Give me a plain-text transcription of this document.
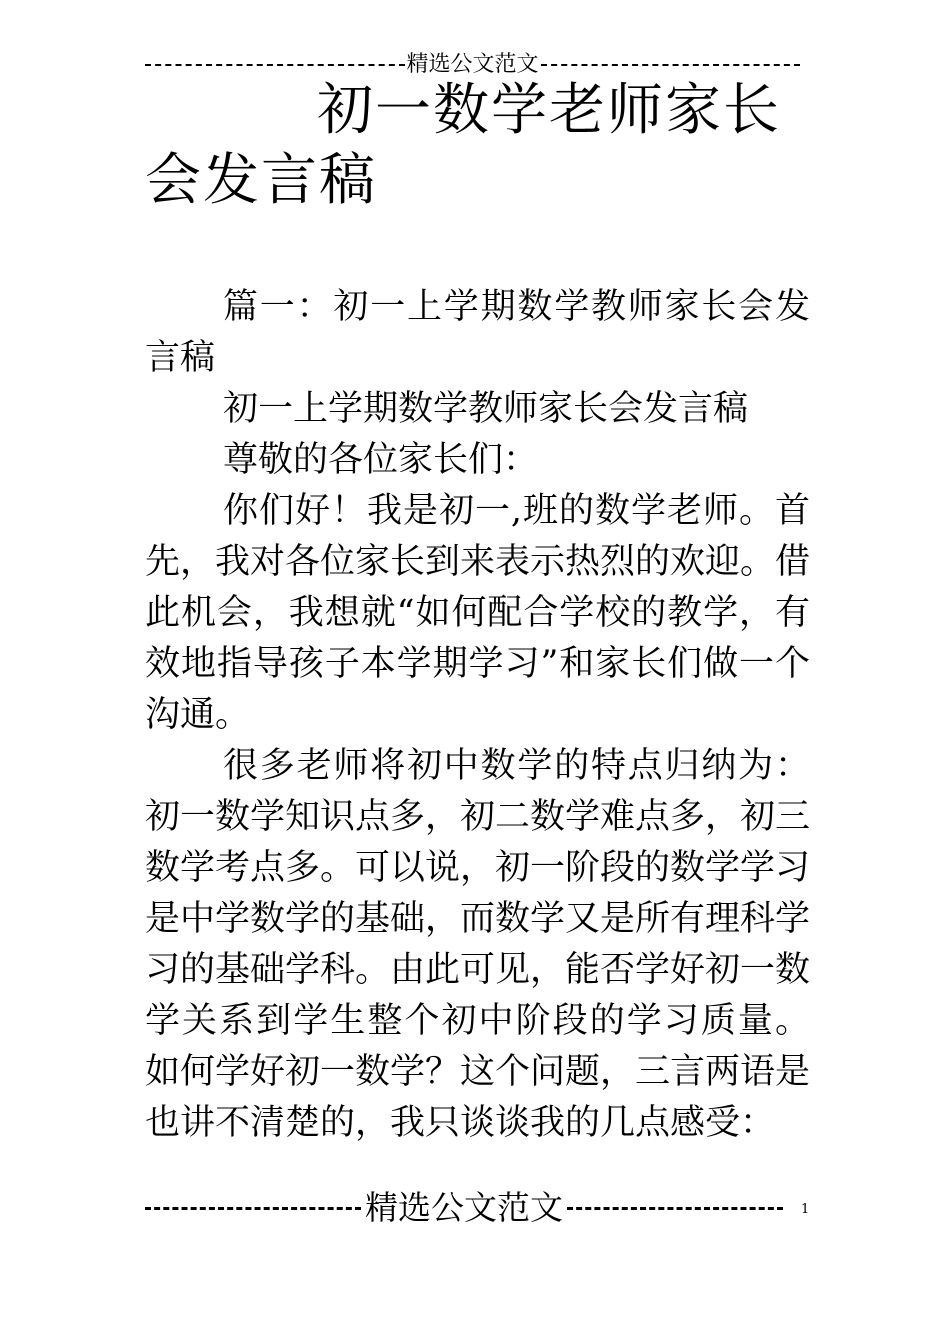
精选公文范文
初一数学老师家长会发言稿

篇一：初一上学期数学教师家长会发言稿

初一上学期数学教师家长会发言稿

尊敬的各位家长们：

你们好！我是初一,班的数学老师。首先，我对各位家长到来表示热烈的欢迎。借此机会，我想就“如何配合学校的教学，有效地指导孩子本学期学习”和家长们做一个沟通。

很多老师将初中数学的特点归纳为：初一数学知识点多，初二数学难点多，初三数学考点多。可以说，初一阶段的数学学习是中学数学的基础，而数学又是所有理科学习的基础学科。由此可见，能否学好初一数学关系到学生整个初中阶段的学习质量。 如何学好初一数学？这个问题，三言两语是也讲不清楚的，我只谈谈我的几点感受：

精选公文范文	1
